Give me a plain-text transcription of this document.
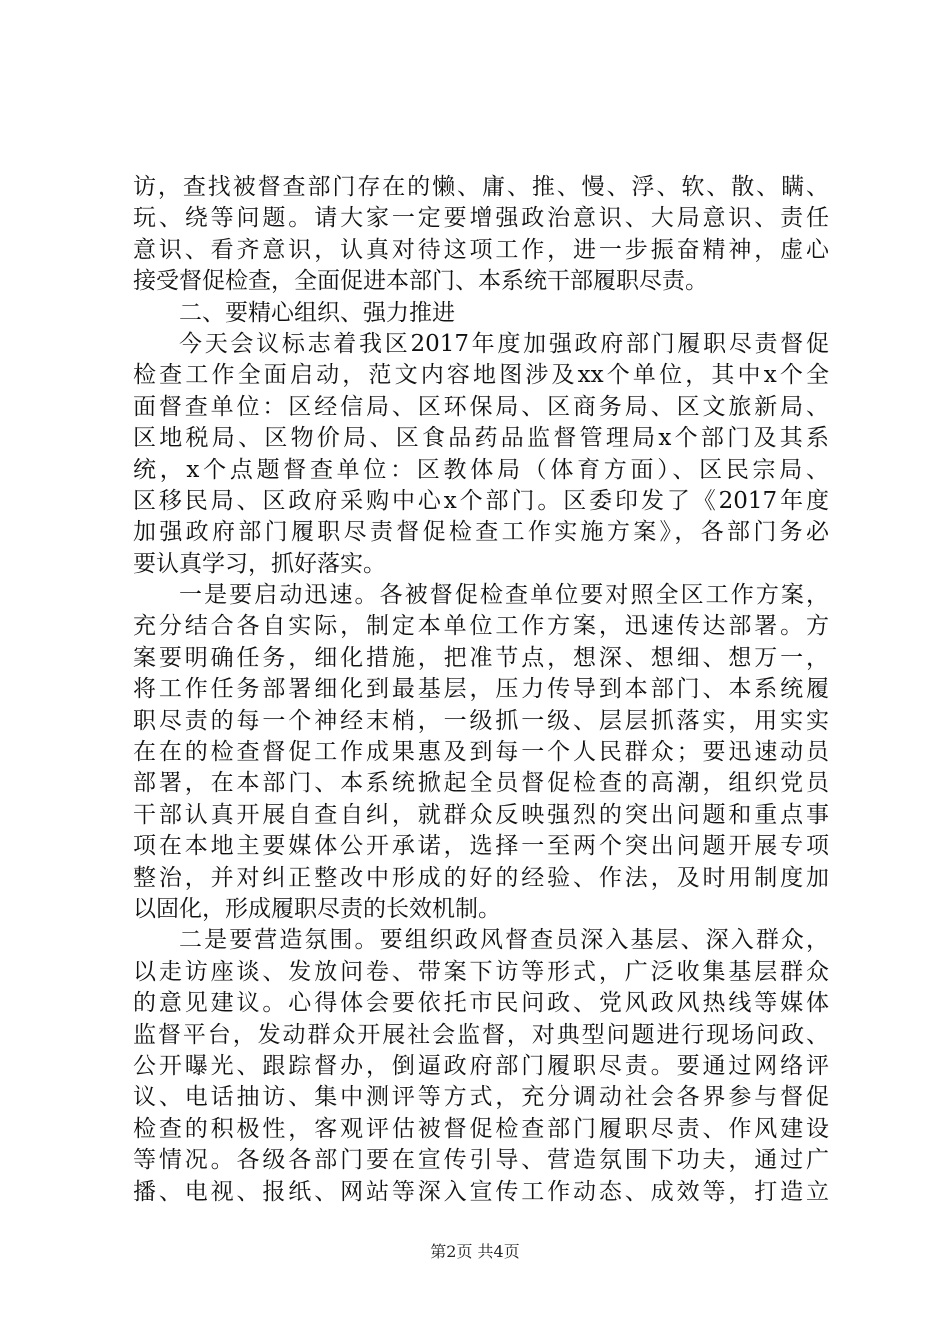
访，查找被督查部门存在的懒、庸、推、慢、浮、软、散、瞒、
玩、绕等问题。请大家一定要增强政治意识、大局意识、责任
意识、看齐意识，认真对待这项工作，进一步振奋精神，虚心
接受督促检查，全面促进本部门、本系统干部履职尽责。
二、要精心组织、强力推进
今天会议标志着我区2017年度加强政府部门履职尽责督促
检查工作全面启动，范文内容地图涉及xx个单位，其中x个全
面督查单位：区经信局、区环保局、区商务局、区文旅新局、
区地税局、区物价局、区食品药品监督管理局x个部门及其系
统，x个点题督查单位：区教体局（体育方面）、区民宗局、
区移民局、区政府采购中心x个部门。区委印发了《2017年度
加强政府部门履职尽责督促检查工作实施方案》，各部门务必
要认真学习，抓好落实。
一是要启动迅速。各被督促检查单位要对照全区工作方案，
充分结合各自实际，制定本单位工作方案，迅速传达部署。方
案要明确任务，细化措施，把准节点，想深、想细、想万一，
将工作任务部署细化到最基层，压力传导到本部门、本系统履
职尽责的每一个神经末梢，一级抓一级、层层抓落实，用实实
在在的检查督促工作成果惠及到每一个人民群众；要迅速动员
部署，在本部门、本系统掀起全员督促检查的高潮，组织党员
干部认真开展自查自纠，就群众反映强烈的突出问题和重点事
项在本地主要媒体公开承诺，选择一至两个突出问题开展专项
整治，并对纠正整改中形成的好的经验、作法，及时用制度加
以固化，形成履职尽责的长效机制。
二是要营造氛围。要组织政风督查员深入基层、深入群众，
以走访座谈、发放问卷、带案下访等形式，广泛收集基层群众
的意见建议。心得体会要依托市民问政、党风政风热线等媒体
监督平台，发动群众开展社会监督，对典型问题进行现场问政、
公开曝光、跟踪督办，倒逼政府部门履职尽责。要通过网络评
议、电话抽访、集中测评等方式，充分调动社会各界参与督促
检查的积极性，客观评估被督促检查部门履职尽责、作风建设
等情况。各级各部门要在宣传引导、营造氛围下功夫，通过广
播、电视、报纸、网站等深入宣传工作动态、成效等，打造立
第2页 共4页
